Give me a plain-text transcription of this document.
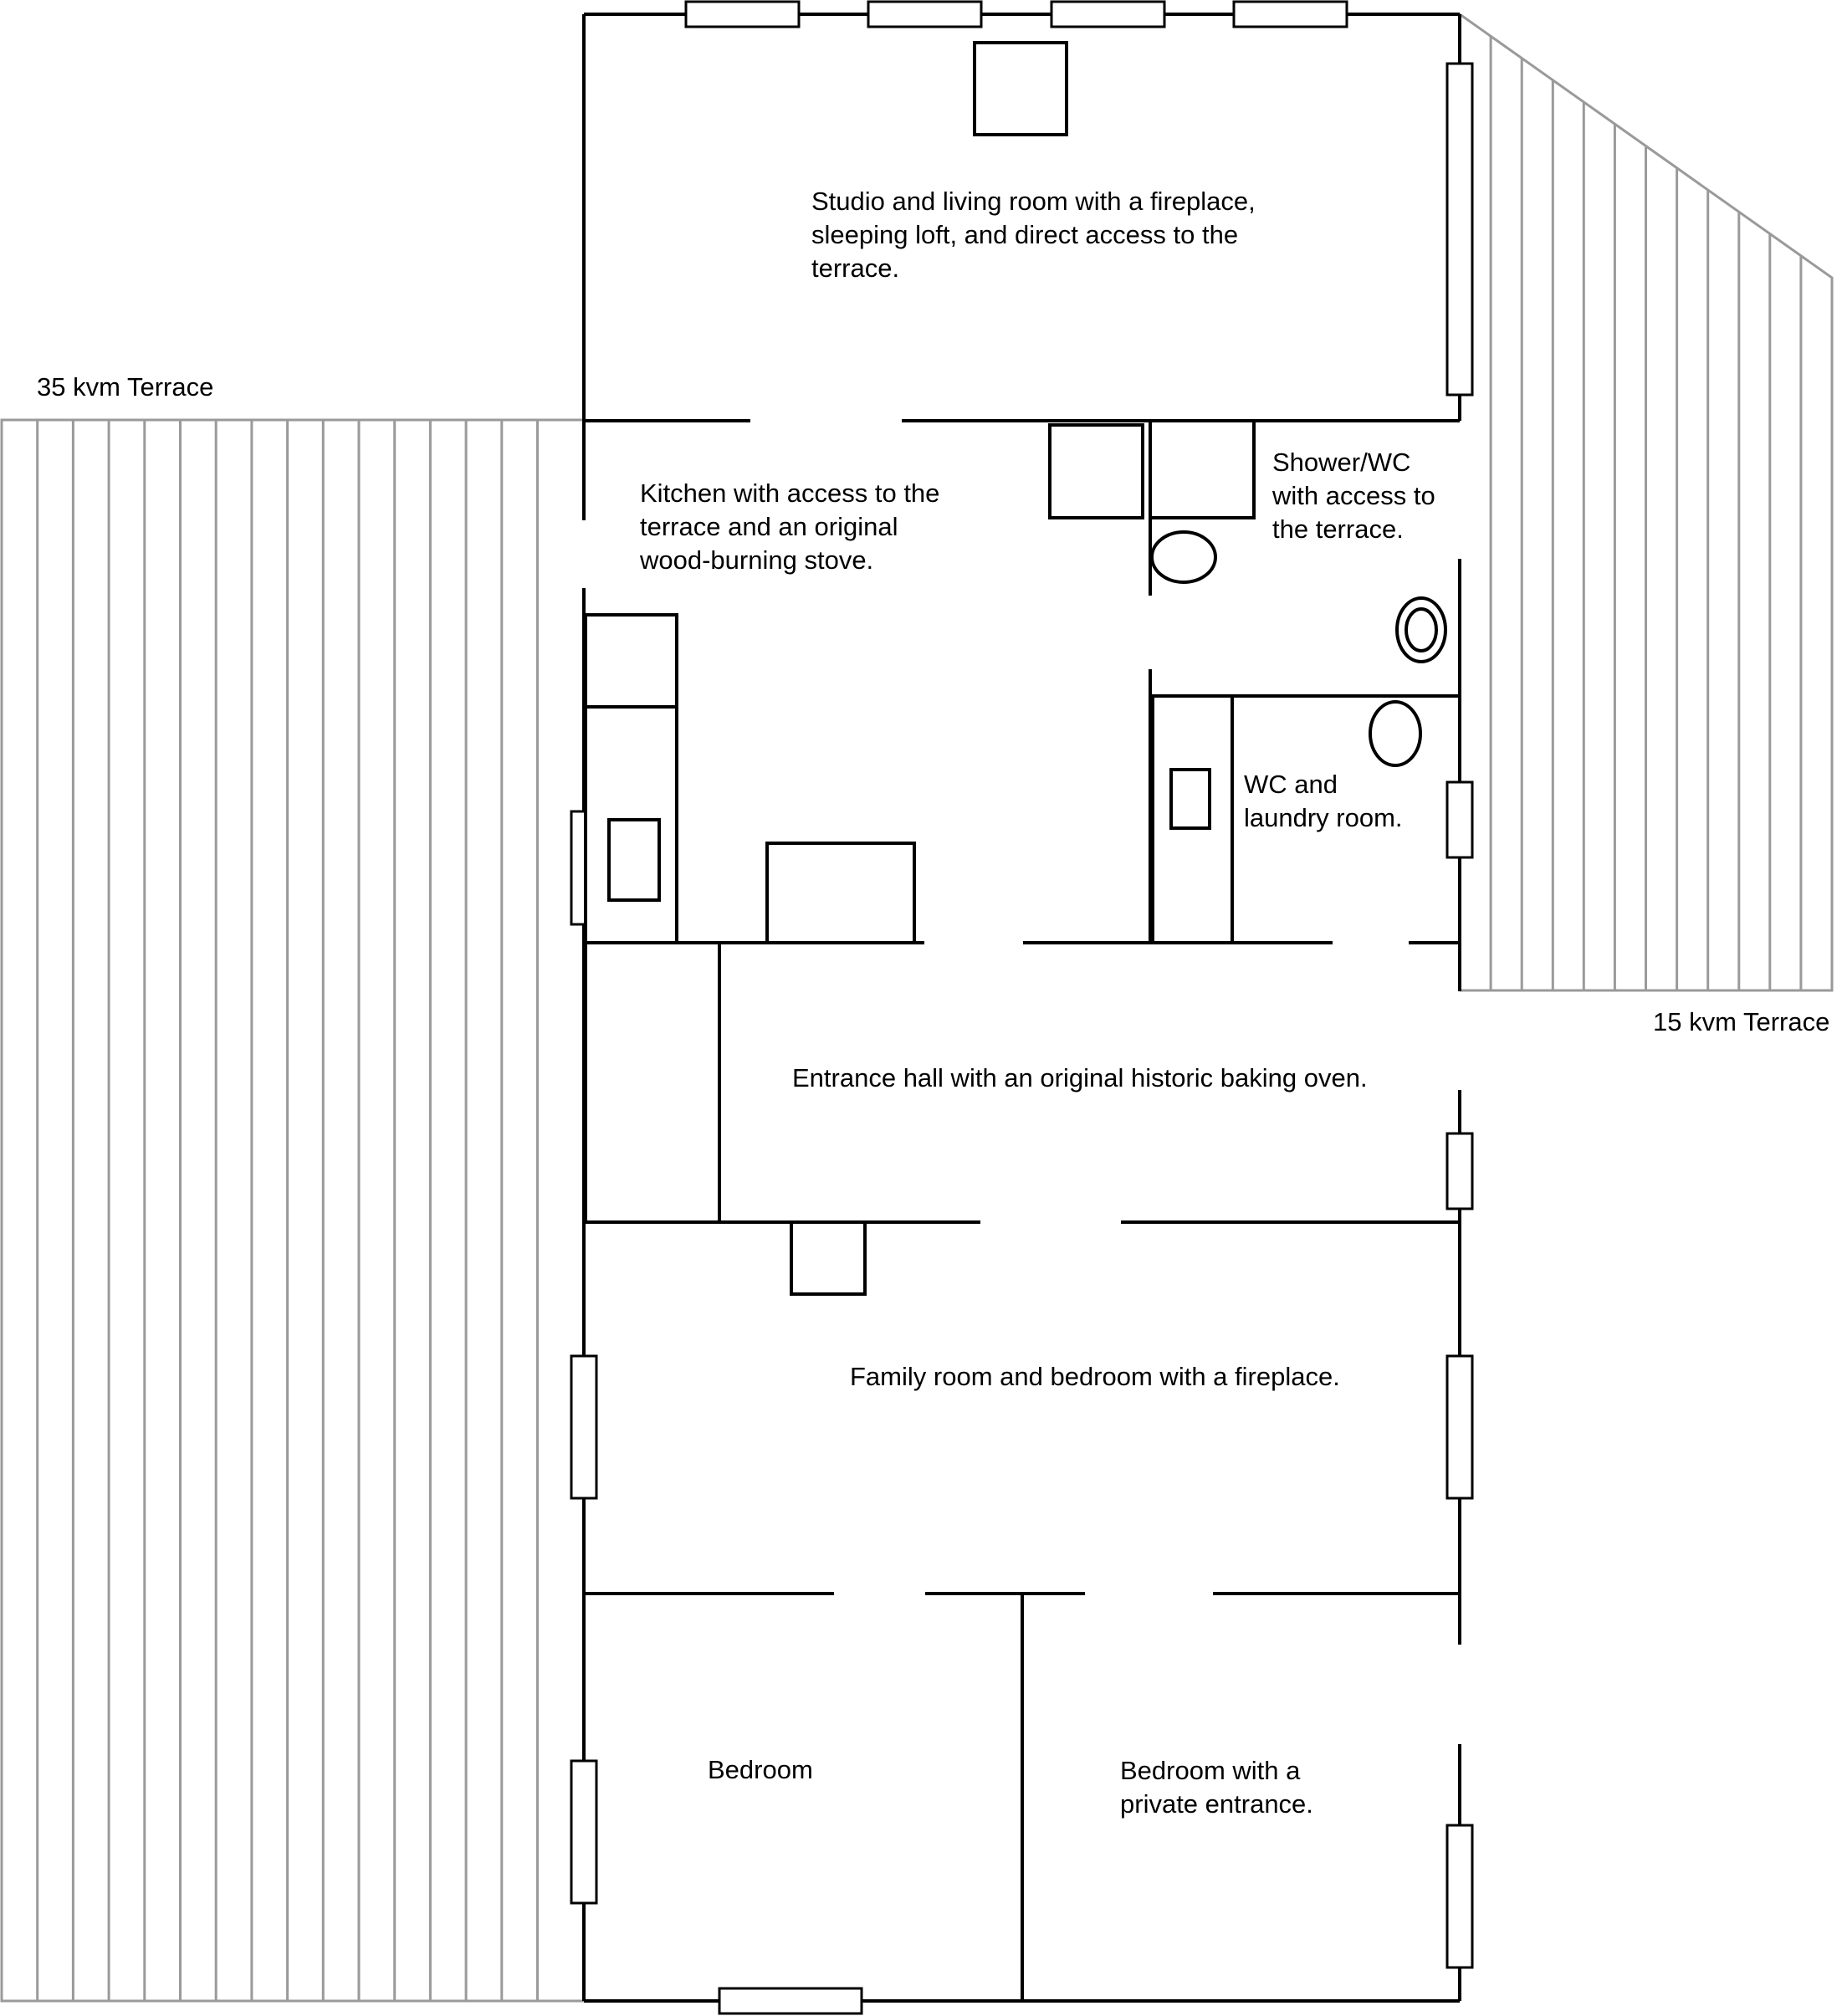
35 kvm Terrace
15 kvm Terrace
Studio and living room with a fireplace,
sleeping loft, and direct access to the
terrace.
Kitchen with access to the
terrace and an original
wood-burning stove.
Shower/WC
with access to
the terrace.
WC and
laundry room.
Entrance hall with an original historic baking oven.
Family room and bedroom with a fireplace.
Bedroom	Bedroom with a
private entrance.
